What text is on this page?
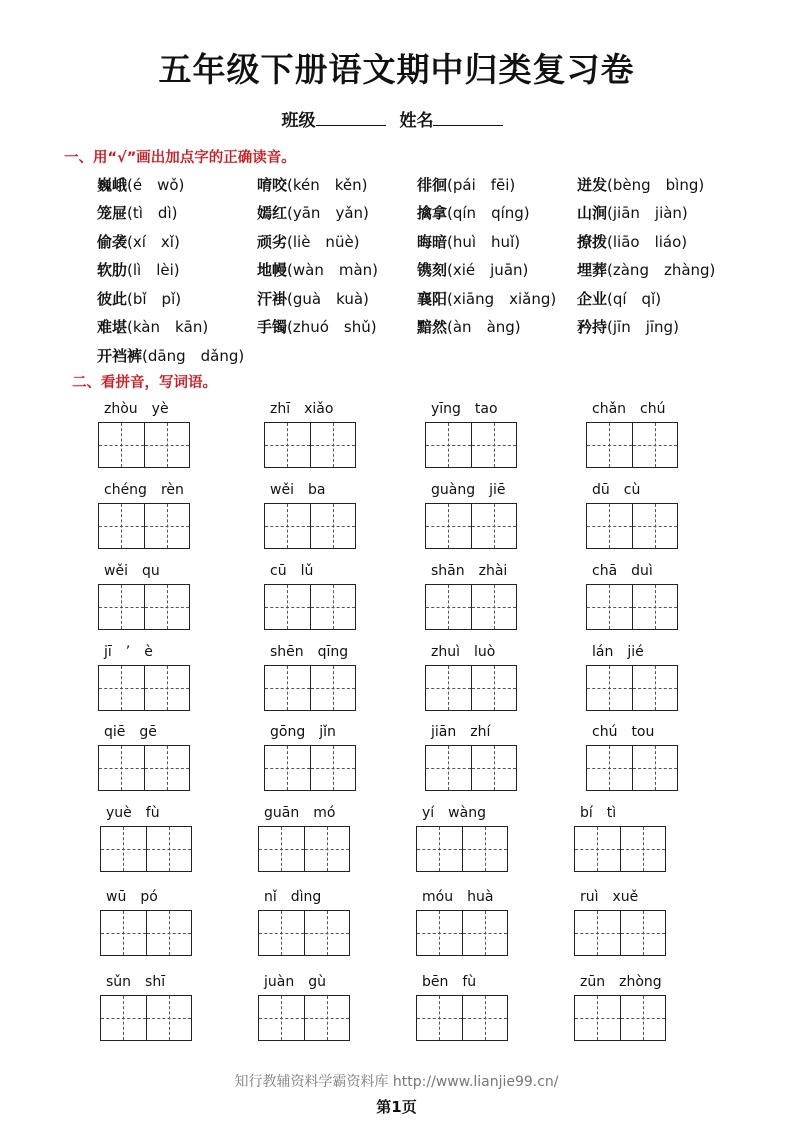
五年级下册语文期中归类复习卷
班级	姓名
一、用“√”画出加点字的正确读音。
巍峨(é　wǒ)	唷咬(kén　kěn)	徘徊(pái　fēi)	迸发(bèng　bìng)
笼屉(tì　dì)	嫣红(yān　yǎn)	擒拿(qín　qíng)	山涧(jiān　jiàn)
偷袭(xí　xǐ)	顽劣(liè　nüè)	晦暗(huì　huǐ)	撩拨(liāo　liáo)
软肋(lì　lèi)	地幔(wàn　màn)	镌刻(xié　juān)	埋葬(zàng　zhàng)
彼此(bǐ　pǐ)	汗褂(guà　kuà)	襄阳(xiāng　xiǎng)	企业(qí　qǐ)
难堪(kàn　kān)	手镯(zhuó　shǔ)	黯然(àn　àng)	矜持(jīn　jīng)
开裆裤(dāng　dǎng)
二、看拼音，写词语。
zhòu　yè	zhī　xiǎo	yīng　tao	chǎn　chú
chéng　rèn	wěi　ba	guàng　jiē	dū　cù
wěi　qu	cū　lǔ	shān　zhài	chā　duì
jī　’　è	shēn　qīng	zhuì　luò	lán　jié
qiē　gē	gōng　jǐn	jiān　zhí	chú　tou
yuè　fù	guān　mó	yí　wàng	bí　tì
wū　pó	nǐ　dìng	móu　huà	ruì　xuě
sǔn　shī	juàn　gù	bēn　fù	zūn　zhòng
知行教辅资料学霸资料库 http://www.lianjie99.cn/
第1页
